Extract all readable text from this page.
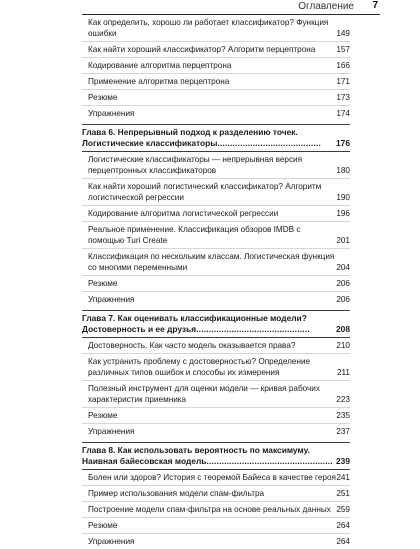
Оглавление 7
Как определить, хорошо ли работает классификатор? Функция ошибки	149
Как найти хороший классификатор? Алгоритм перцептрона	157
Кодирование алгоритма перцептрона	166
Применение алгоритма перцептрона	171
Резюме	173
Упражнения	174
Глава 6. Непрерывный подход к разделению точек.
Логистические классификаторы.........................................	176
Логистические классификаторы — непрерывная версия перцептронных классификаторов	180
Как найти хороший логистический классификатор? Алгоритм логистической регрессии	190
Кодирование алгоритма логистической регрессии	196
Реальное применение. Классификация обзоров IMDB с помощью Turi Create	201
Классификация по нескольким классам. Логистическая функция со многими переменными	204
Резюме	206
Упражнения	206
Глава 7. Как оценивать классификационные модели?
Достоверность и ее друзья.............................................	208
Достоверность. Как часто модель оказывается права?	210
Как устранить проблему с достоверностью? Определение различных типов ошибок и способы их измерения	211
Полезный инструмент для оценки модели — кривая рабочих характеристик приемника	223
Резюме	235
Упражнения	237
Глава 8. Как использовать вероятность по максимуму.
Наивная байесовская модель.................................................. 239
Болен или здоров? История с теоремой Байеса в качестве героя 241
Пример использования модели спам-фильтра	251
Построение модели спам-фильтра на основе реальных данных 259
Резюме	264
Упражнения	264
